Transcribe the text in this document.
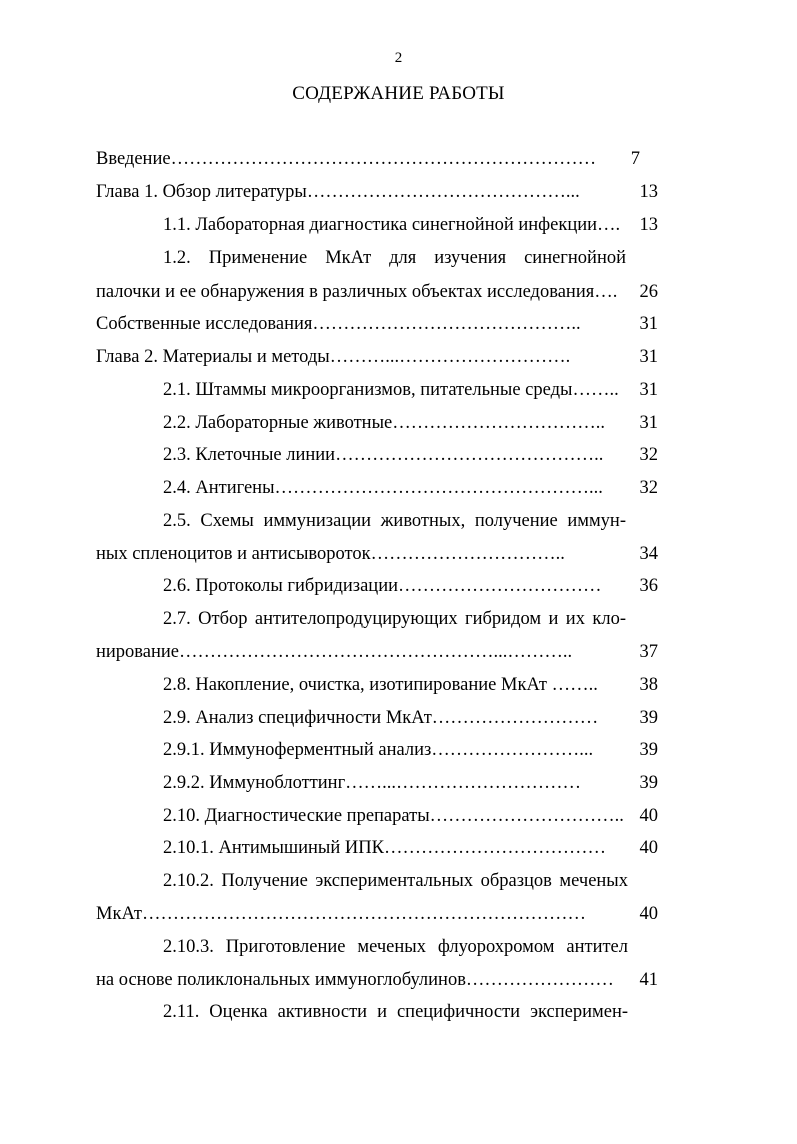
2
СОДЕРЖАНИЕ РАБОТЫ
Введение……………………………………………………………	7
Глава 1. Обзор литературы……………………………………...	13
1.1. Лабораторная диагностика синегнойной инфекции….	13
1.2. Применение МкАт для изучения синегнойной
палочки и ее обнаружения в различных объектах исследования….	26
Собственные исследования……………………………………..	31
Глава 2. Материалы и методы………...……………………….	31
2.1. Штаммы микроорганизмов, питательные среды……..	31
2.2. Лабораторные животные……………………………..	31
2.3. Клеточные линии……………………………………..	32
2.4. Антигены……………………………………………...	32
2.5. Схемы иммунизации животных, получение иммун-
ных спленоцитов и антисывороток…………………………..	34
2.6. Протоколы гибридизации……………………………	36
2.7. Отбор антителопродуцирующих гибридом и их кло-
нирование……………………………………………...………..	37
2.8. Накопление, очистка, изотипирование МкАт ……..	38
2.9. Анализ специфичности МкАт………………………	39
2.9.1. Иммуноферментный анализ……………………...	39
2.9.2. Иммуноблоттинг……...…………………………	39
2.10. Диагностические препараты………………………….. 40
2.10.1. Антимышиный ИПК………………………………	40
2.10.2. Получение экспериментальных образцов меченых
МкАт………………………………………………………………	40
2.10.3. Приготовление меченых флуорохромом антител
на основе поликлональных иммуноглобулинов……………………	41
2.11. Оценка активности и специфичности эксперимен-
